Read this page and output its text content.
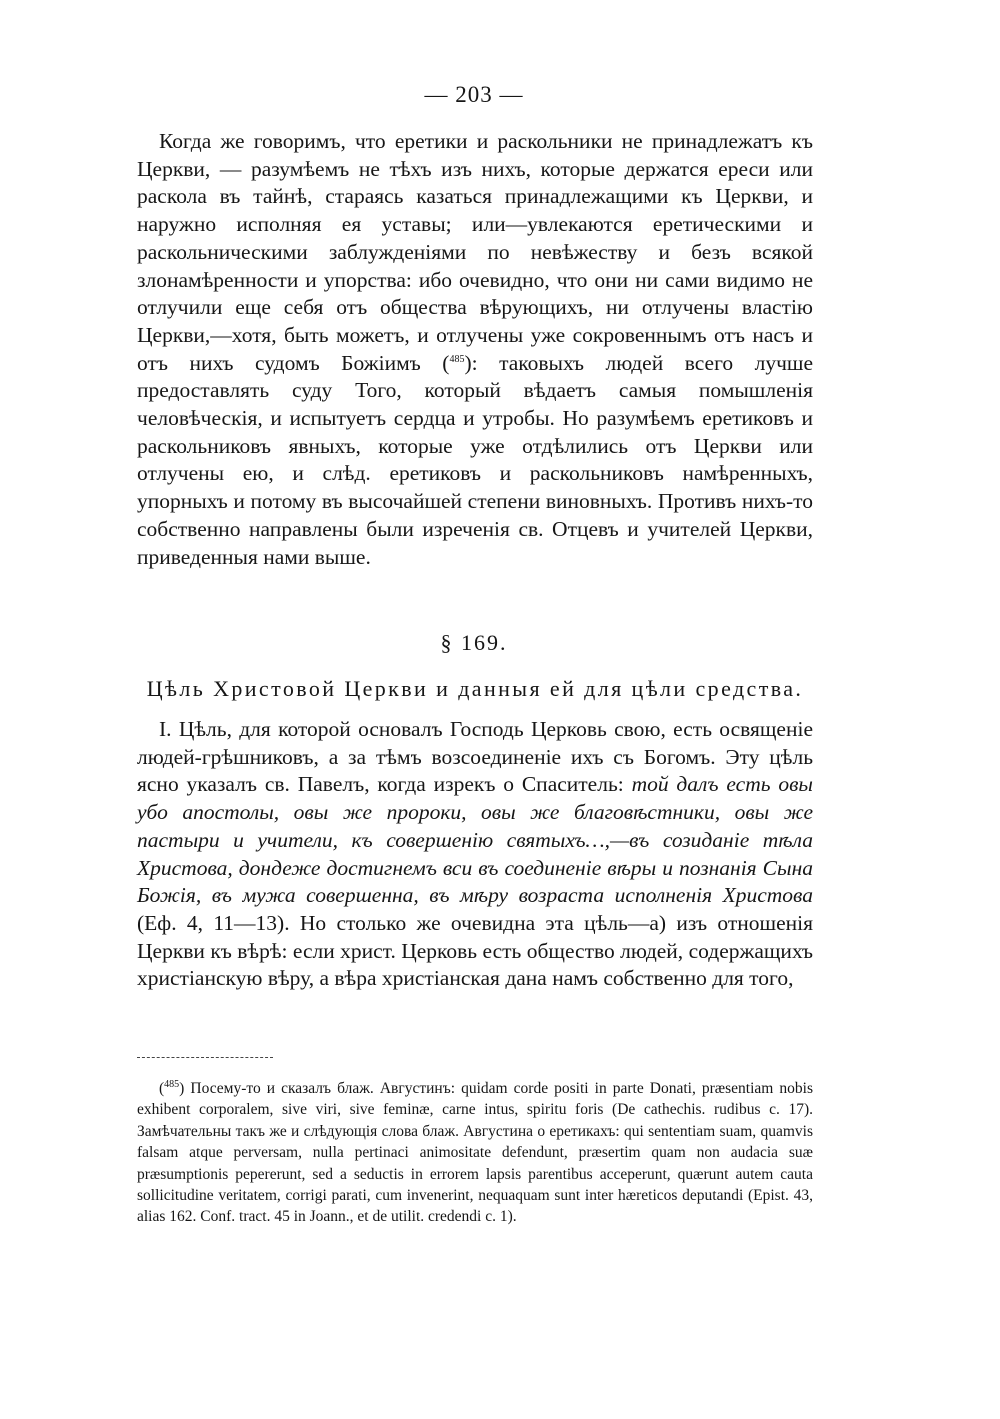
— 203 —

Когда же говоримъ, что еретики и раскольники не принадлежатъ къ Церкви, — разумѣемъ не тѣхъ изъ нихъ, которые держатся ереси или раскола въ тайнѣ, стараясь казаться принадлежащими къ Церкви, и наружно исполняя ея уставы; или—увлекаются еретическими и раскольническими заблужденіями по невѣжеству и безъ всякой злонамѣренности и упорства: ибо очевидно, что они ни сами видимо не отлучили еще себя отъ общества вѣрующихъ, ни отлучены властію Церкви,—хотя, быть можетъ, и отлучены уже сокровеннымъ отъ насъ и отъ нихъ судомъ Божіимъ ($^{485}$): таковыхъ людей всего лучше предоставлять суду Того, который вѣдаетъ самыя помышленія человѣческія, и испытуетъ сердца и утробы. Но разумѣемъ еретиковъ и раскольниковъ явныхъ, которые уже отдѣлились отъ Церкви или отлучены ею, и слѣд. еретиковъ и раскольниковъ намѣренныхъ, упорныхъ и потому въ высочайшей степени виновныхъ. Противъ нихъ-то собственно направлены были изреченія св. Отцевъ и учителей Церкви, приведенныя нами выше.

§ 169.
Цѣль Христовой Церкви и данныя ей для цѣли средства.

I. Цѣль, для которой основалъ Господь Церковь свою, есть освященіе людей-грѣшниковъ, а за тѣмъ возсоединеніе ихъ съ Богомъ. Эту цѣль ясно указалъ св. Павелъ, когда изрекъ о Спаситель: той далъ есть овы убо апостолы, овы же пророки, овы же благовѣстники, овы же пастыри и учители, къ совершенію святыхъ…,—въ созиданіе тѣла Христова, дондеже достигнемъ вси въ соединеніе вѣры и познанія Сына Божія, въ мужа совершенна, въ мѣру возраста исполненія Христова (Еф. 4, 11—13). Но столько же очевидна эта цѣль—а) изъ отношенія Церкви къ вѣрѣ: если христ. Церковь есть общество людей, содержащихъ христіанскую вѣру, а вѣра христіанская дана намъ собственно для того,

($^{485}$) Посему-то и сказалъ блаж. Августинъ: quidam corde positi in parte Donati, præsentiam nobis exhibent corporalem, sive viri, sive feminæ, carne intus, spiritu foris (De cathechis. rudibus c. 17). Замѣчательны такъ же и слѣдующія слова блаж. Августина о еретикахъ: qui sententiam suam, quamvis falsam atque perversam, nulla pertinaci animositate defendunt, præsertim quam non audacia suæ præsumptionis pepererunt, sed a seductis in errorem lapsis parentibus acceperunt, quærunt autem cauta sollicitudine veritatem, corrigi parati, cum invenerint, nequaquam sunt inter hæreticos deputandi (Epist. 43, alias 162. Conf. tract. 45 in Joann., et de utilit. credendi c. 1).
